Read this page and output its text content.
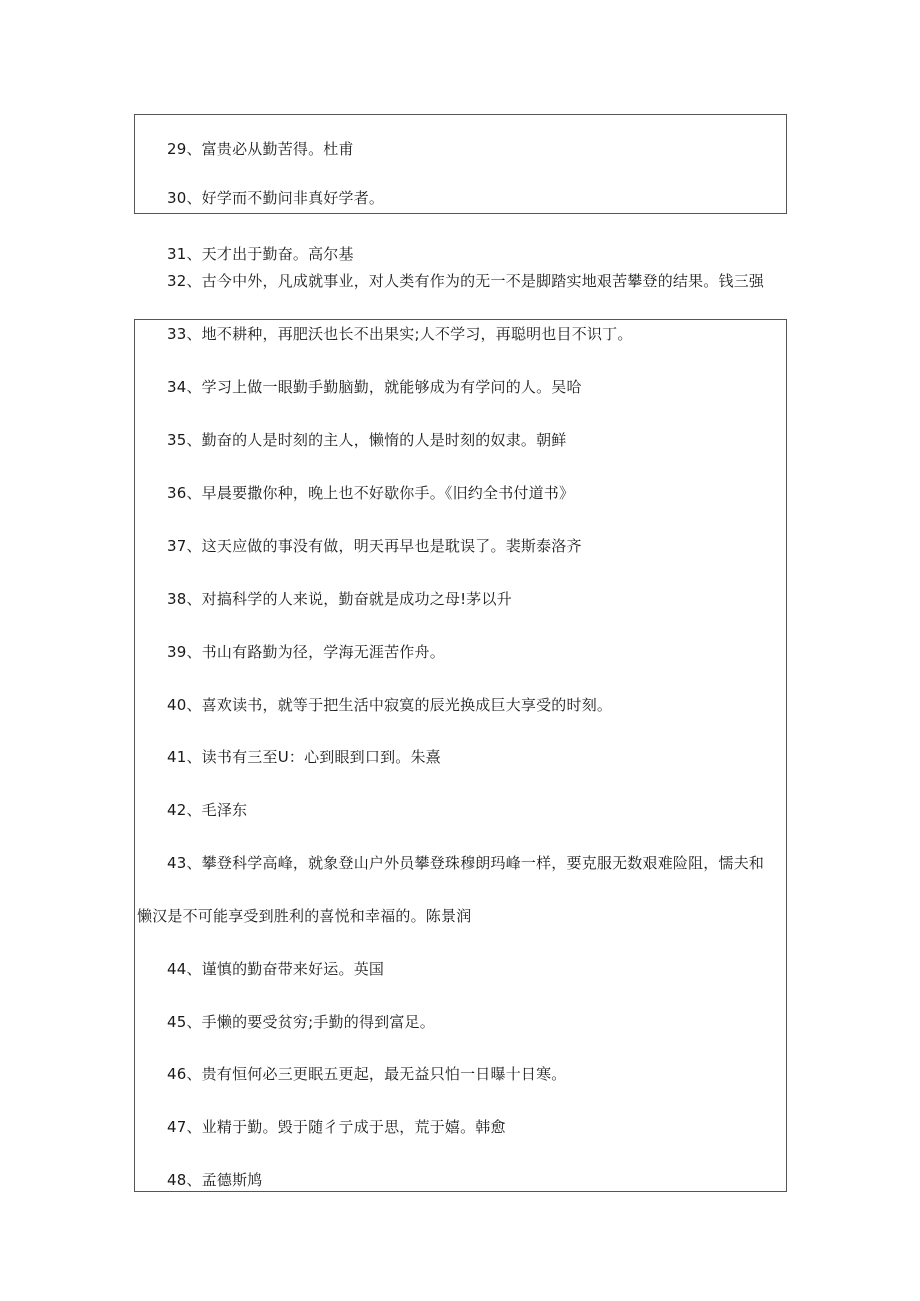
29、富贵必从勤苦得。杜甫
30、好学而不勤问非真好学者。
31、天才出于勤奋。高尔基
32、古今中外，凡成就事业，对人类有作为的无一不是脚踏实地艰苦攀登的结果。钱三强
33、地不耕种，再肥沃也长不出果实;人不学习，再聪明也目不识丁。
34、学习上做一眼勤手勤脑勤，就能够成为有学问的人。吴哈
35、勤奋的人是时刻的主人，懒惰的人是时刻的奴隶。朝鲜
36、早晨要撒你种，晚上也不好歇你手。《旧约全书付道书》
37、这天应做的事没有做，明天再早也是耽误了。裴斯泰洛齐
38、对搞科学的人来说，勤奋就是成功之母!茅以升
39、书山有路勤为径，学海无涯苦作舟。
40、喜欢读书，就等于把生活中寂寞的辰光换成巨大享受的时刻。
41、读书有三至U：心到眼到口到。朱熹
42、毛泽东
43、攀登科学高峰，就象登山户外员攀登珠穆朗玛峰一样，要克服无数艰难险阻，懦夫和
懒汉是不可能享受到胜利的喜悦和幸福的。陈景润
44、谨慎的勤奋带来好运。英国
45、手懒的要受贫穷;手勤的得到富足。
46、贵有恒何必三更眠五更起，最无益只怕一日曝十日寒。
47、业精于勤。毁于随彳亍成于思，荒于嬉。韩愈
48、孟德斯鸠
